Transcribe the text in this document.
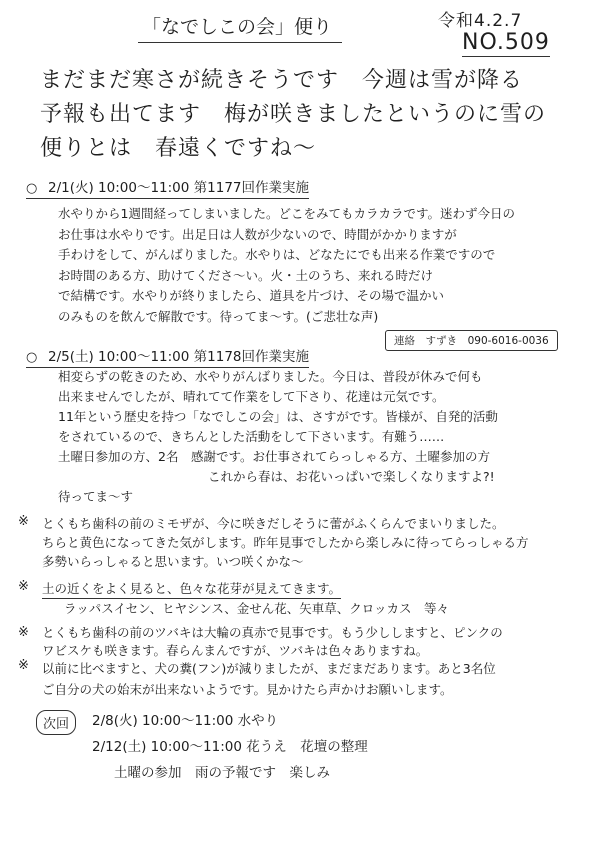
「なでしこの会」便り	令和4.2.7
NO.509
まだまだ寒さが続きそうです　今週は雪が降る
予報も出てます　梅が咲きましたというのに雪の
便りとは　春遠くですね〜
○ 2/1(火) 10:00〜11:00 第1177回作業実施
水やりから1週間経ってしまいました。どこをみてもカラカラです。迷わず今日の
お仕事は水やりです。出足日は人数が少ないので、時間がかかりますが
手わけをして、がんばりました。水やりは、どなたにでも出来る作業ですので
お時間のある方、助けてくださ〜い。火・土のうち、来れる時だけ
で結構です。水やりが終りましたら、道具を片づけ、その場で温かい
のみものを飲んで解散です。待ってま〜す。(ご悲壮な声)
連絡　すずき　090-6016-0036
○ 2/5(土) 10:00〜11:00 第1178回作業実施
相変らずの乾きのため、水やりがんばりました。今日は、普段が休みで何も
出来ませんでしたが、晴れてて作業をして下さり、花達は元気です。
11年という歴史を持つ「なでしこの会」は、さすがです。皆様が、自発的活動
をされているので、きちんとした活動をして下さいます。有難う……
土曜日参加の方、2名　感謝です。お仕事されてらっしゃる方、土曜参加の方
これから春は、お花いっぱいで楽しくなりますよ?!
待ってま〜す
※	とくもち歯科の前のミモザが、今に咲きだしそうに蕾がふくらんでまいりました。
ちらと黄色になってきた気がします。昨年見事でしたから楽しみに待ってらっしゃる方
多勢いらっしゃると思います。いつ咲くかな〜
※	土の近くをよく見ると、色々な花芽が見えてきます。
ラッパスイセン、ヒヤシンス、金せん花、矢車草、クロッカス　等々
※	とくもち歯科の前のツバキは大輪の真赤で見事です。もう少ししますと、ピンクの
ワビスケも咲きます。春らんまんですが、ツバキは色々ありますね。
※	以前に比べますと、犬の糞(フン)が減りましたが、まだまだあります。あと3名位
ご自分の犬の始末が出来ないようです。見かけたら声かけお願いします。
次回	2/8(火) 10:00〜11:00 水やり
2/12(土) 10:00〜11:00 花うえ　花壇の整理
土曜の参加　雨の予報です　楽しみ
